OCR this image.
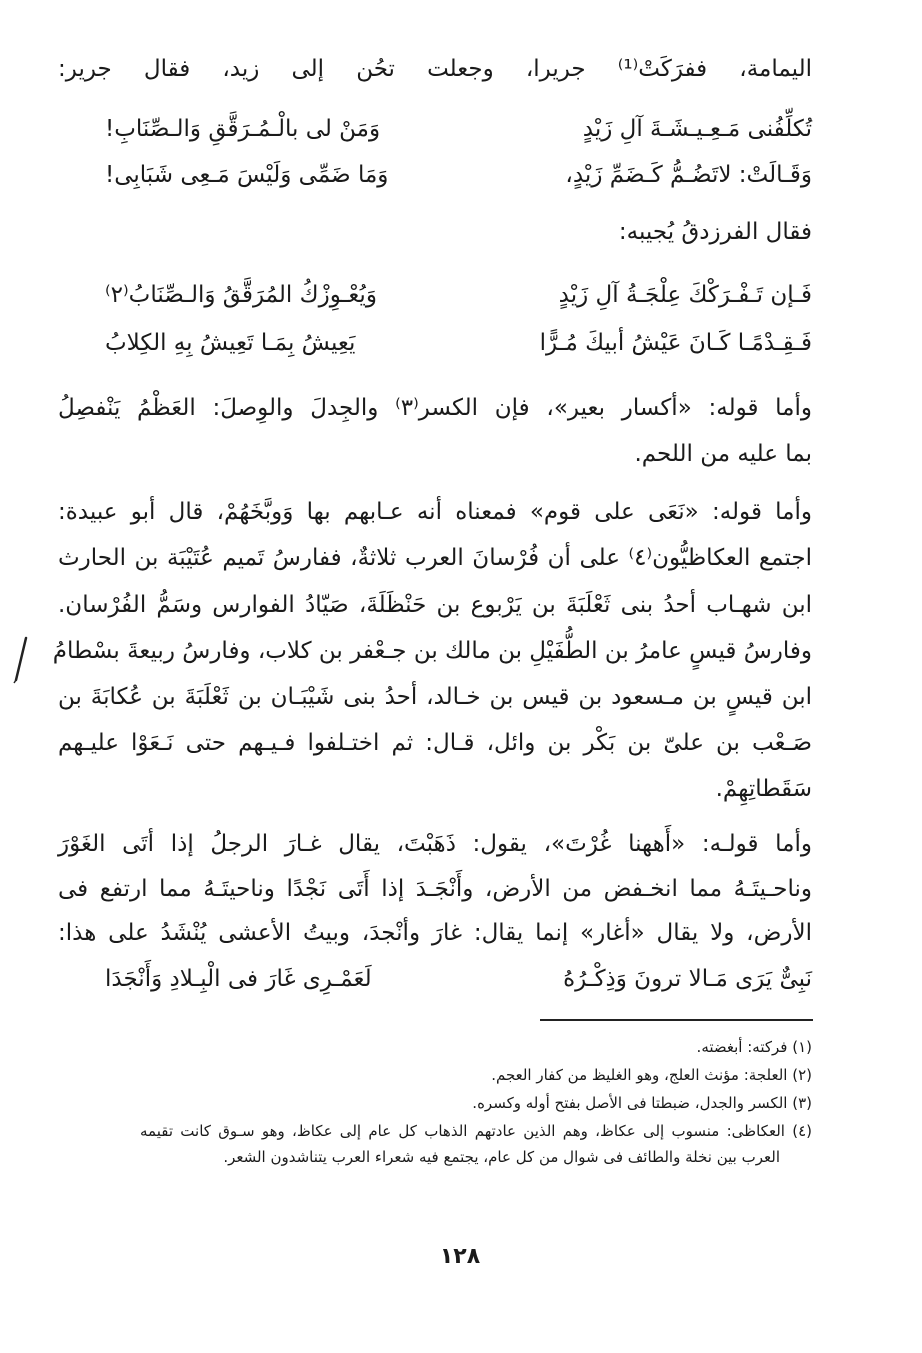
اليمامة، ففرَكَتْ⁽¹⁾ جريرا، وجعلت تحُن إلى زيد، فقال جرير:
تُكلِّفُنى مَـعِـيـشَـةَ آلِ زَيْدٍ
وَمَنْ لى بالْـمُـرَقَّقِ وَالـصِّنَابِ!
وَقَـالَتْ: لاتَضُـمُّ كَـضَمِّ زَيْدٍ،
وَمَا ضَمِّى وَلَيْسَ مَـعِى شَبَابِى!
فقال الفرزدقُ يُجيبه:
فَـإن تَـفْـرَكْكَ عِلْجَـةُ آلِ زَيْدٍ
وَيُعْـوِزْكُ المُرَقَّقُ وَالـصِّنَابُ⁽٢⁾
فَـقِـدْمًـا كَـانَ عَيْشُ أبيكَ مُـرًّا
يَعِيشُ بِمَـا تَعِيشُ بِهِ الكِلابُ
وأما قوله: «أكسار بعير»، فإن الكسر⁽٣⁾ والجِدلَ والوِصلَ: العَظْمُ يَنْفصِلُ
بما عليه من اللحم.
وأما قوله: «نَعَى على قوم» فمعناه أنه عـابهم بها وَوبَّخَهُمْ، قال أبو عبيدة:
اجتمع العكاظيُّون⁽٤⁾ على أن فُرْسانَ العرب ثلاثةٌ، ففارسُ تَميم عُتَيْبَة بن الحارث
ابن شهـاب أحدُ بنى ثَعْلَبَةَ بن يَرْبوع بن حَنْظَلَةَ، صَيّادُ الفوارس وسَمُّ الفُرْسان.
وفارسُ قيسٍ عامرُ بن الطُّفَيْلِ بن مالك بن جـعْفر بن كلاب، وفارسُ ربيعةَ بسْطامُ
ابن قيسٍ بن مـسعود بن قيس بن خـالد، أحدُ بنى شَيْبَـان بن ثَعْلَبَةَ بن عُكابَةَ بن
صَـعْب بن علىّ بن بَكْر بن وائل، قـال: ثم اختـلفوا فـيـهم حتى نَـعَوْا عليـهم
سَقَطاتِهِمْ.
وأما قولـه: «أَههنا غُرْتَ»، يقول: ذَهَبْتَ، يقال غـارَ الرجلُ إذا أتَى الغَوْرَ
وناحـيتَـهُ مما انخـفض من الأرض، وأَنْجَـدَ إذا أَتَى نَجْدًا وناحيتَـهُ مما ارتفع فى
الأرض، ولا يقال «أغار» إنما يقال: غارَ وأنْجدَ، وبيتُ الأعشى يُنْشَدُ على هذا:
نَبِىٌّ يَرَى مَـالا ترونَ وَذِكْـرُهُ
لَعَمْـرِى غَارَ فى الْبِـلادِ وَأَنْجَدَا
(١) فركته: أبغضته.
(٢) العلجة: مؤنث العلج، وهو الغليظ من كفار العجم.
(٣) الكسر والجدل، ضبطتا فى الأصل بفتح أوله وكسره.
(٤) العكاظى: منسوب إلى عكاظ، وهم الذين عادتهم الذهاب كل عام إلى عكاظ، وهو سـوق كانت تقيمه
العرب بين نخلة والطائف فى شوال من كل عام، يجتمع فيه شعراء العرب يتناشدون الشعر.
١٢٨
